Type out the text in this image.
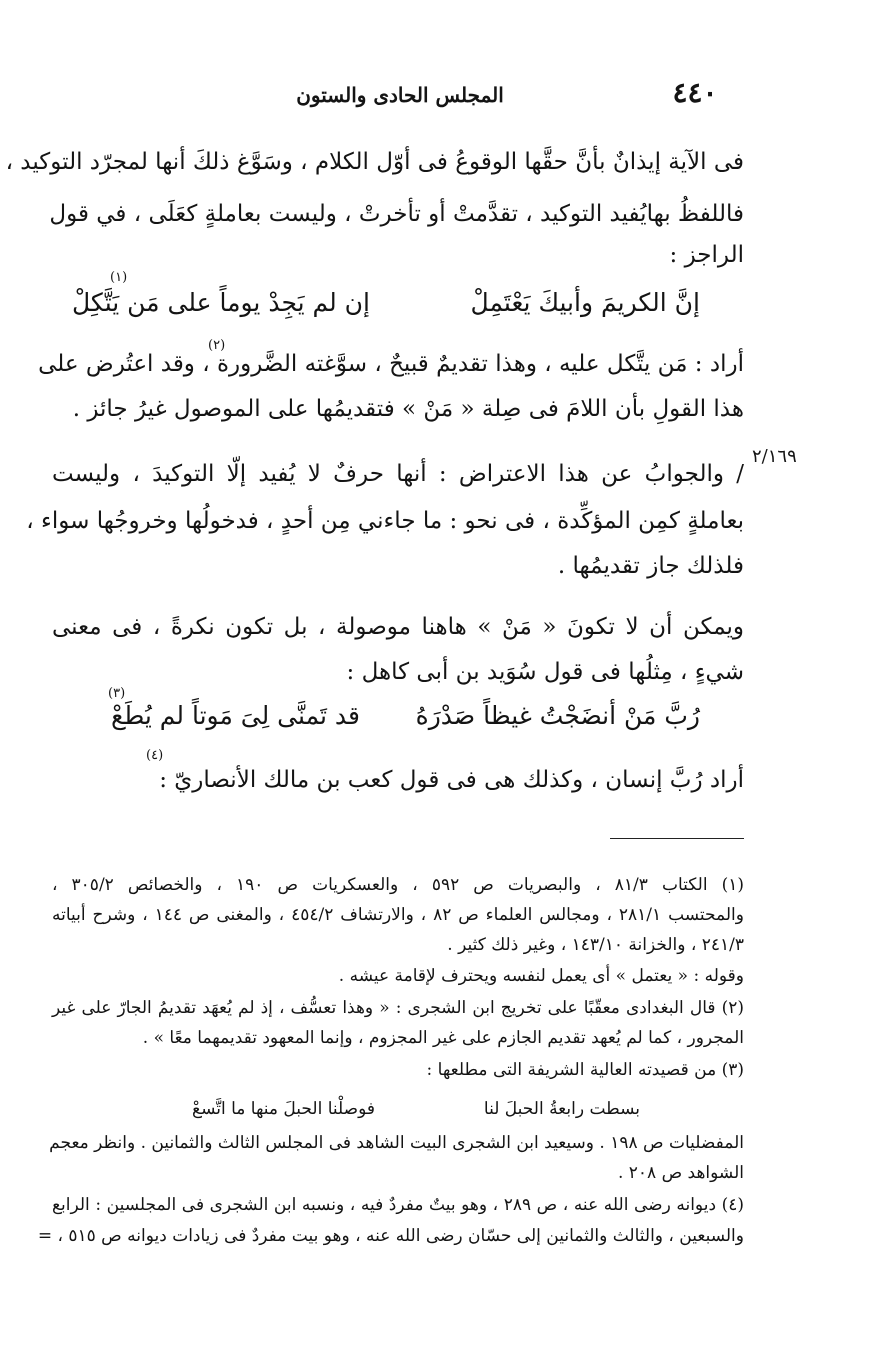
٤٤٠
المجلس الحادى والستون
٢/١٦٩
فى الآية إيذانٌ بأنَّ حقَّها الوقوعُ فى أوّل الكلام ، وسَوَّغ ذلكَ أنها لمجرّد التوكيد ،
فاللفظُ بهايُفيد التوكيد ، تقدَّمتْ أو تأخرتْ ، وليست بعاملةٍ كعَلَى ، في قول
الراجز :
إنَّ الكريمَ وأبيكَ يَعْتَمِلْ
إن لم يَجِدْ يوماً على مَن يَتَّكِلْ
(١)
(٢)
أراد : مَن يتَّكل عليه ، وهذا تقديمٌ قبيحٌ ، سوَّغته الضَّرورة ، وقد اعتُرض على
هذا القولِ بأن اللامَ فى صِلة « مَنْ » فتقديمُها على الموصول غيرُ جائز .
/ والجوابُ عن هذا الاعتراض : أنها حرفٌ لا يُفيد إلّا التوكيدَ ، وليست
بعاملةٍ كمِن المؤكِّدة ، فى نحو : ما جاءني مِن أحدٍ ، فدخولُها وخروجُها سواء ،
فلذلك جاز تقديمُها .
ويمكن أن لا تكونَ « مَنْ » هاهنا موصولة ، بل تكون نكرةً ، فى معنى
شيءٍ ، مِثلُها فى قول سُوَيد بن أبى كاهل :
رُبَّ مَنْ أنضَجْتُ غيظاً صَدْرَهُ
قد تَمنَّى لِىَ مَوتاً لم يُطَعْ
(٣)
(٤)
أراد رُبَّ إنسان ، وكذلك هى فى قول كعب بن مالك الأنصاريّ :
(١) الكتاب ٨١/٣ ، والبصريات ص ٥٩٢ ، والعسكريات ص ١٩٠ ، والخصائص ٣٠٥/٢ ،
والمحتسب ٢٨١/١ ، ومجالس العلماء ص ٨٢ ، والارتشاف ٤٥٤/٢ ، والمغنى ص ١٤٤ ، وشرح أبياته
٢٤١/٣ ، والخزانة ١٤٣/١٠ ، وغير ذلك كثير .
وقوله : « يعتمل » أى يعمل لنفسه ويحترف لإقامة عيشه .
(٢) قال البغدادى معقّبًا على تخريج ابن الشجرى : « وهذا تعسُّف ، إذ لم يُعهَد تقديمُ الجارّ على غير
المجرور ، كما لم يُعهد تقديم الجازم على غير المجزوم ، وإنما المعهود تقديمهما معًا » .
(٣) من قصيدته العالية الشريفة التى مطلعها :
بسطت رابعةُ الحبلَ لنا
فوصلْنا الحبلَ منها ما اتَّسعْ
المفضليات ص ١٩٨ . وسيعيد ابن الشجرى البيت الشاهد فى المجلس الثالث والثمانين . وانظر معجم
الشواهد ص ٢٠٨ .
(٤) ديوانه رضى الله عنه ، ص ٢٨٩ ، وهو بيتٌ مفردٌ فيه ، ونسبه ابن الشجرى فى المجلسين : الرابع
والسبعين ، والثالث والثمانين إلى حسّان رضى الله عنه ، وهو بيت مفردٌ فى زيادات ديوانه ص ٥١٥ ، =
